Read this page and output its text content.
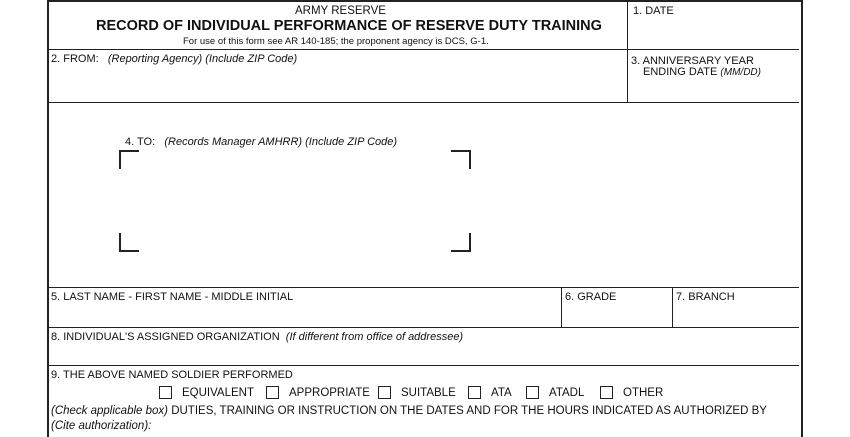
ARMY RESERVE
RECORD OF INDIVIDUAL PERFORMANCE OF RESERVE DUTY TRAINING
For use of this form see AR 140-185; the proponent agency is DCS, G-1.
1. DATE
2. FROM: (Reporting Agency) (Include ZIP Code)	3. ANNIVERSARY YEAR
ENDING DATE (MM/DD)
4. TO: (Records Manager AMHRR) (Include ZIP Code)
5. LAST NAME - FIRST NAME - MIDDLE INITIAL	6. GRADE	7. BRANCH
8. INDIVIDUAL'S ASSIGNED ORGANIZATION (If different from office of addressee)
9. THE ABOVE NAMED SOLDIER PERFORMED
EQUIVALENT	APPROPRIATE	SUITABLE	ATA	ATADL	OTHER
(Check applicable box) DUTIES, TRAINING OR INSTRUCTION ON THE DATES AND FOR THE HOURS INDICATED AS AUTHORIZED BY
(Cite authorization):
